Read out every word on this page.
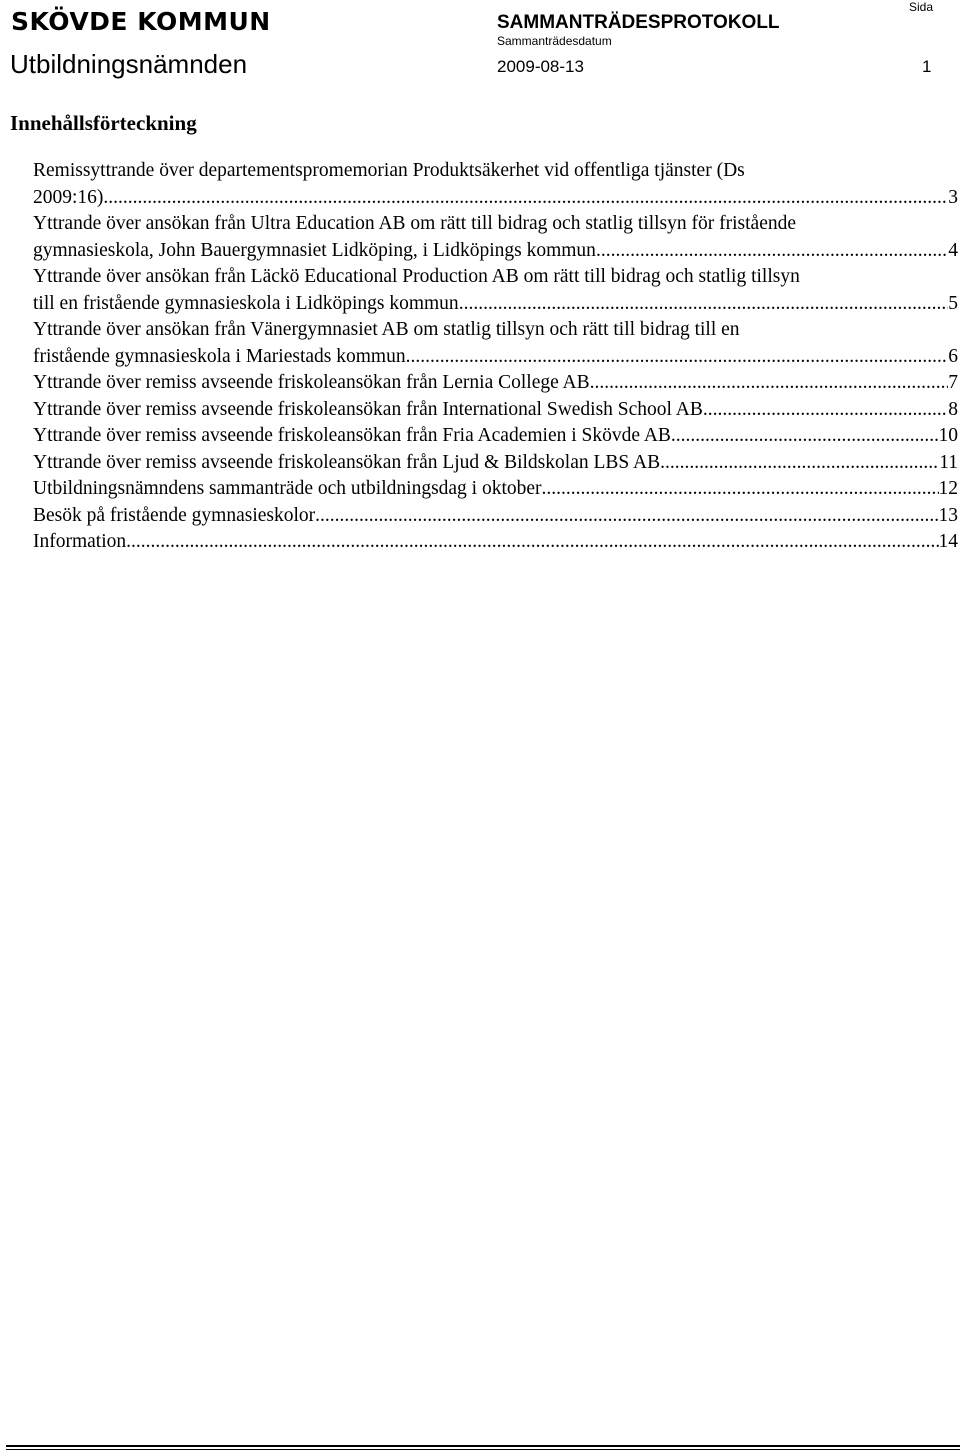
SKÖVDE KOMMUN
Utbildningsnämnden
SAMMANTRÄDESPROTOKOLL
Sammanträdesdatum
2009-08-13
Sida
1
Innehållsförteckning
Remissyttrande över departementspromemorian Produktsäkerhet vid offentliga tjänster (Ds
2009:16) .....	3
Yttrande över ansökan från Ultra Education AB om rätt till bidrag och statlig tillsyn för fristående
gymnasieskola, John Bauergymnasiet Lidköping, i Lidköpings kommun .....	4
Yttrande över ansökan från Läckö Educational Production AB om rätt till bidrag och statlig tillsyn
till en fristående gymnasieskola i Lidköpings kommun .....	5
Yttrande över ansökan från Vänergymnasiet AB om statlig tillsyn och rätt till bidrag till en
fristående gymnasieskola i Mariestads kommun .....	6
Yttrande över remiss avseende friskoleansökan från Lernia College AB. .....	7
Yttrande över remiss avseende friskoleansökan från International Swedish School AB. .....	8
Yttrande över remiss avseende friskoleansökan från Fria Academien i Skövde AB. .....	10
Yttrande över remiss avseende friskoleansökan från Ljud & Bildskolan LBS AB .....	11
Utbildningsnämndens sammanträde och utbildningsdag i oktober .....	12
Besök på fristående gymnasieskolor .....	13
Information .....	14
